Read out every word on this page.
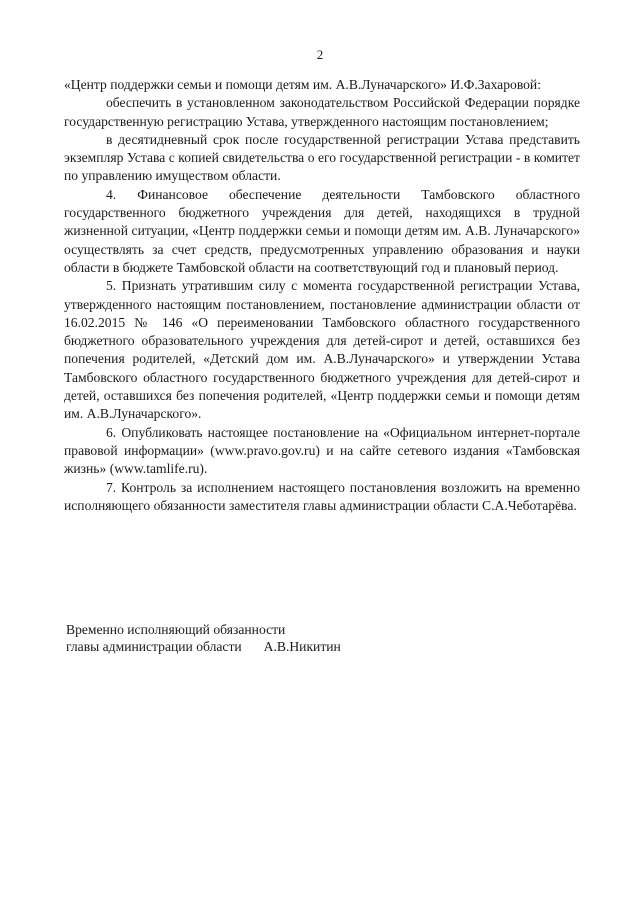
2

«Центр поддержки семьи и помощи детям им. А.В.Луначарского» И.Ф.Захаровой:

обеспечить в установленном законодательством Российской Федерации порядке государственную регистрацию Устава, утвержденного настоящим постановлением;

в десятидневный срок после государственной регистрации Устава представить экземпляр Устава с копией свидетельства о его государственной регистрации - в комитет по управлению имуществом области.

4. Финансовое обеспечение деятельности Тамбовского областного государственного бюджетного учреждения для детей, находящихся в трудной жизненной ситуации, «Центр поддержки семьи и помощи детям им. А.В. Луначарского» осуществлять за счет средств, предусмотренных управлению образования и науки области в бюджете Тамбовской области на соответствующий год и плановый период.

5. Признать утратившим силу с момента государственной регистрации Устава, утвержденного настоящим постановлением, постановление администрации области от 16.02.2015 № 146 «О переименовании Тамбовского областного государственного бюджетного образовательного учреждения для детей-сирот и детей, оставшихся без попечения родителей, «Детский дом им. А.В.Луначарского» и утверждении Устава Тамбовского областного государственного бюджетного учреждения для детей-сирот и детей, оставшихся без попечения родителей, «Центр поддержки семьи и помощи детям им. А.В.Луначарского».

6. Опубликовать настоящее постановление на «Официальном интернет-портале правовой информации» (www.pravo.gov.ru) и на сайте сетевого издания «Тамбовская жизнь» (www.tamlife.ru).

7. Контроль за исполнением настоящего постановления возложить на временно исполняющего обязанности заместителя главы администрации области С.А.Чеботарёва.

Временно исполняющий обязанности
главы администрации области А.В.Никитин
